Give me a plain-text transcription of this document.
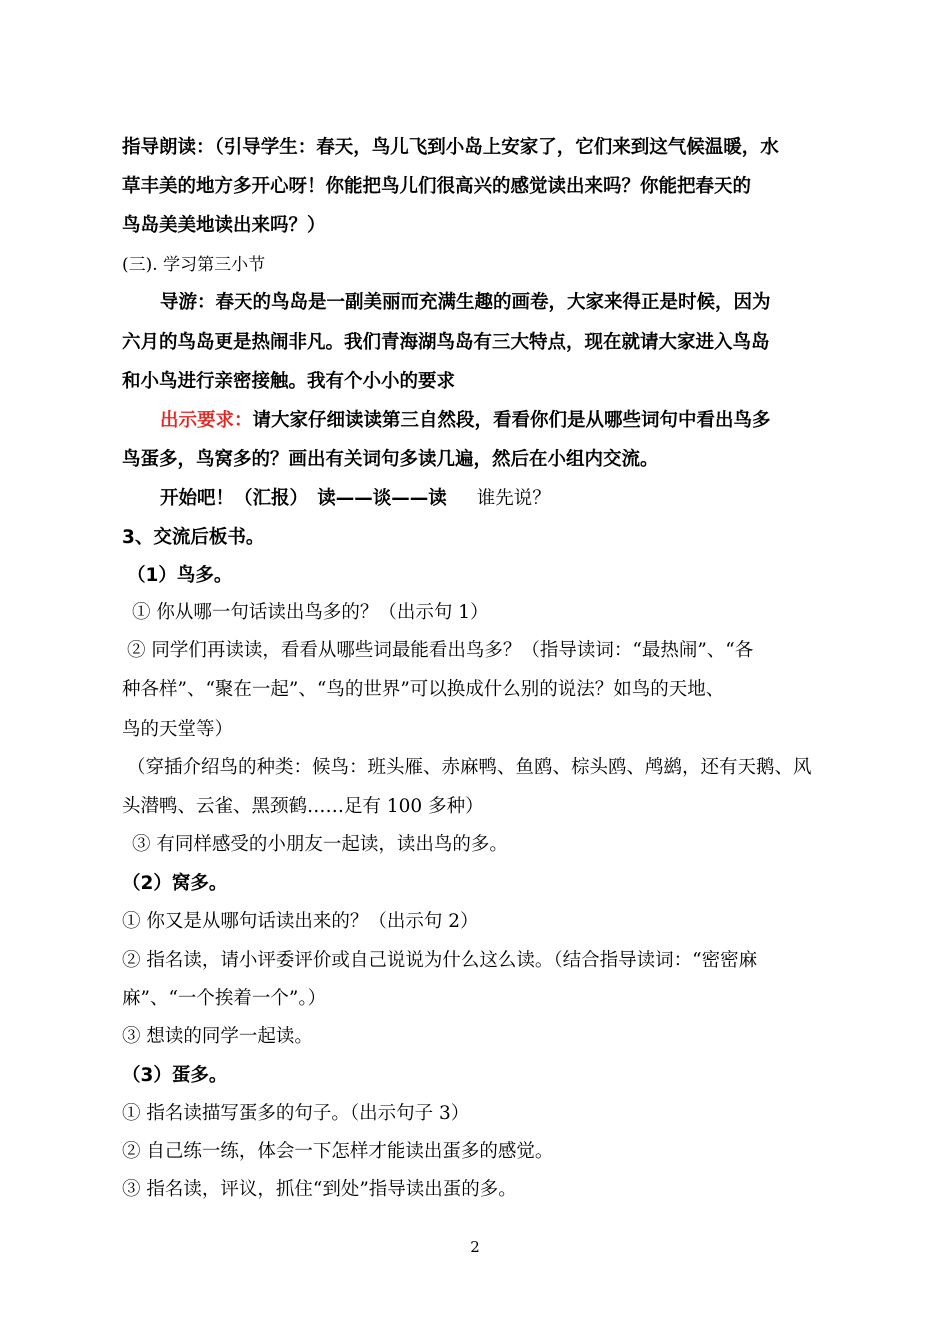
指导朗读：（引导学生：春天，鸟儿飞到小岛上安家了，它们来到这气候温暖，水
草丰美的地方多开心呀！你能把鸟儿们很高兴的感觉读出来吗？你能把春天的
鸟岛美美地读出来吗？）
(三). 学习第三小节
导游：春天的鸟岛是一副美丽而充满生趣的画卷，大家来得正是时候，因为
六月的鸟岛更是热闹非凡。我们青海湖鸟岛有三大特点，现在就请大家进入鸟岛
和小鸟进行亲密接触。我有个小小的要求
出示要求：请大家仔细读读第三自然段，看看你们是从哪些词句中看出鸟多
鸟蛋多，鸟窝多的？画出有关词句多读几遍，然后在小组内交流。
开始吧！（汇报）　读——谈——读 谁先说？
3、交流后板书。
（1）鸟多。
① 你从哪一句话读出鸟多的？（出示句 1）
② 同学们再读读，看看从哪些词最能看出鸟多？（指导读词：“最热闹”、“各
种各样”、“聚在一起”、“鸟的世界”可以换成什么别的说法？如鸟的天地、
鸟的天堂等）
（穿插介绍鸟的种类：候鸟：班头雁、赤麻鸭、鱼鸥、棕头鸥、鸬鹚，还有天鹅、风
头潜鸭、云雀、黑颈鹤……足有 100 多种）
③ 有同样感受的小朋友一起读，读出鸟的多。
（2）窝多。
① 你又是从哪句话读出来的？（出示句 2）
② 指名读，请小评委评价或自己说说为什么这么读。（结合指导读词：“密密麻
麻”、“一个挨着一个”。）
③ 想读的同学一起读。
（3）蛋多。
① 指名读描写蛋多的句子。（出示句子 3）
② 自己练一练，体会一下怎样才能读出蛋多的感觉。
③ 指名读，评议，抓住“到处”指导读出蛋的多。
2
